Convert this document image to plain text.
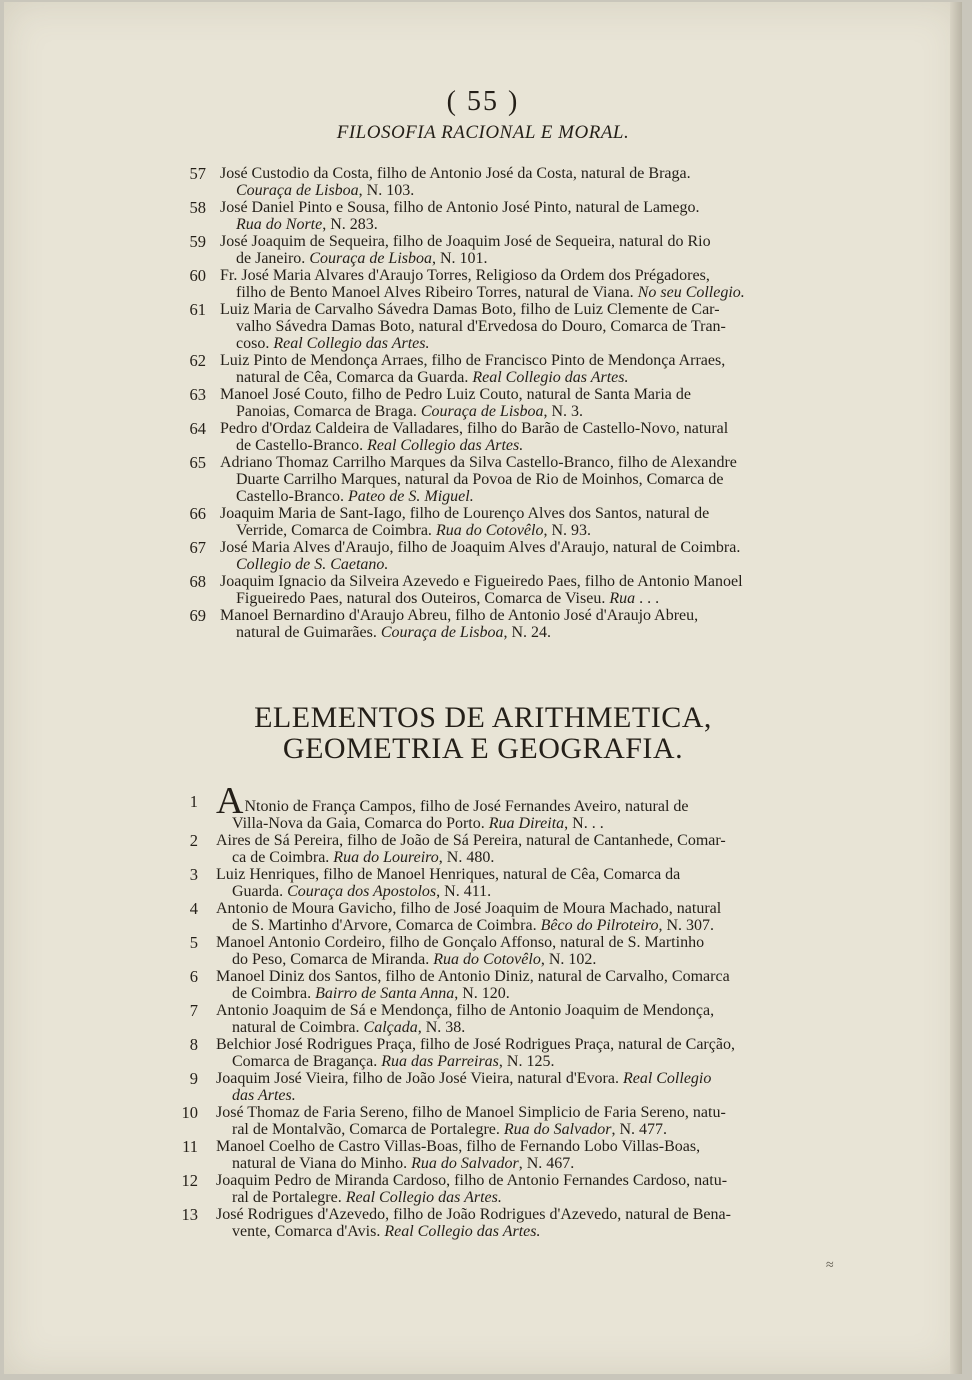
( 55 )
FILOSOFIA RACIONAL E MORAL.
57 José Custodio da Costa, filho de Antonio José da Costa, natural de Braga.
Couraça de Lisboa, N. 103.
58 José Daniel Pinto e Sousa, filho de Antonio José Pinto, natural de Lamego.
Rua do Norte, N. 283.
59 José Joaquim de Sequeira, filho de Joaquim José de Sequeira, natural do Rio
de Janeiro. Couraça de Lisboa, N. 101.
60 Fr. José Maria Alvares d'Araujo Torres, Religioso da Ordem dos Prégadores,
filho de Bento Manoel Alves Ribeiro Torres, natural de Viana. No seu Collegio.
61 Luiz Maria de Carvalho Sávedra Damas Boto, filho de Luiz Clemente de Car-
valho Sávedra Damas Boto, natural d'Ervedosa do Douro, Comarca de Tran-
coso. Real Collegio das Artes.
62 Luiz Pinto de Mendonça Arraes, filho de Francisco Pinto de Mendonça Arraes,
natural de Cêa, Comarca da Guarda. Real Collegio das Artes.
63 Manoel José Couto, filho de Pedro Luiz Couto, natural de Santa Maria de
Panoias, Comarca de Braga. Couraça de Lisboa, N. 3.
64 Pedro d'Ordaz Caldeira de Valladares, filho do Barão de Castello-Novo, natural
de Castello-Branco. Real Collegio das Artes.
65 Adriano Thomaz Carrilho Marques da Silva Castello-Branco, filho de Alexandre
Duarte Carrilho Marques, natural da Povoa de Rio de Moinhos, Comarca de
Castello-Branco. Pateo de S. Miguel.
66 Joaquim Maria de Sant-Iago, filho de Lourenço Alves dos Santos, natural de
Verride, Comarca de Coimbra. Rua do Cotovêlo, N. 93.
67 José Maria Alves d'Araujo, filho de Joaquim Alves d'Araujo, natural de Coimbra.
Collegio de S. Caetano.
68 Joaquim Ignacio da Silveira Azevedo e Figueiredo Paes, filho de Antonio Manoel
Figueiredo Paes, natural dos Outeiros, Comarca de Viseu. Rua . . .
69 Manoel Bernardino d'Araujo Abreu, filho de Antonio José d'Araujo Abreu,
natural de Guimarães. Couraça de Lisboa, N. 24.
ELEMENTOS DE ARITHMETICA,
GEOMETRIA E GEOGRAFIA.
1 ANtonio de França Campos, filho de José Fernandes Aveiro, natural de
Villa-Nova da Gaia, Comarca do Porto. Rua Direita, N. . .
2 Aires de Sá Pereira, filho de João de Sá Pereira, natural de Cantanhede, Comar-
ca de Coimbra. Rua do Loureiro, N. 480.
3 Luiz Henriques, filho de Manoel Henriques, natural de Cêa, Comarca da
Guarda. Couraça dos Apostolos, N. 411.
4 Antonio de Moura Gavicho, filho de José Joaquim de Moura Machado, natural
de S. Martinho d'Arvore, Comarca de Coimbra. Bêco do Pilroteiro, N. 307.
5 Manoel Antonio Cordeiro, filho de Gonçalo Affonso, natural de S. Martinho
do Peso, Comarca de Miranda. Rua do Cotovêlo, N. 102.
6 Manoel Diniz dos Santos, filho de Antonio Diniz, natural de Carvalho, Comarca
de Coimbra. Bairro de Santa Anna, N. 120.
7 Antonio Joaquim de Sá e Mendonça, filho de Antonio Joaquim de Mendonça,
natural de Coimbra. Calçada, N. 38.
8 Belchior José Rodrigues Praça, filho de José Rodrigues Praça, natural de Carção,
Comarca de Bragança. Rua das Parreiras, N. 125.
9 Joaquim José Vieira, filho de João José Vieira, natural d'Evora. Real Collegio
das Artes.
10 José Thomaz de Faria Sereno, filho de Manoel Simplicio de Faria Sereno, natu-
ral de Montalvão, Comarca de Portalegre. Rua do Salvador, N. 477.
11 Manoel Coelho de Castro Villas-Boas, filho de Fernando Lobo Villas-Boas,
natural de Viana do Minho. Rua do Salvador, N. 467.
12 Joaquim Pedro de Miranda Cardoso, filho de Antonio Fernandes Cardoso, natu-
ral de Portalegre. Real Collegio das Artes.
13 José Rodrigues d'Azevedo, filho de João Rodrigues d'Azevedo, natural de Bena-
vente, Comarca d'Avis. Real Collegio das Artes.
≈
